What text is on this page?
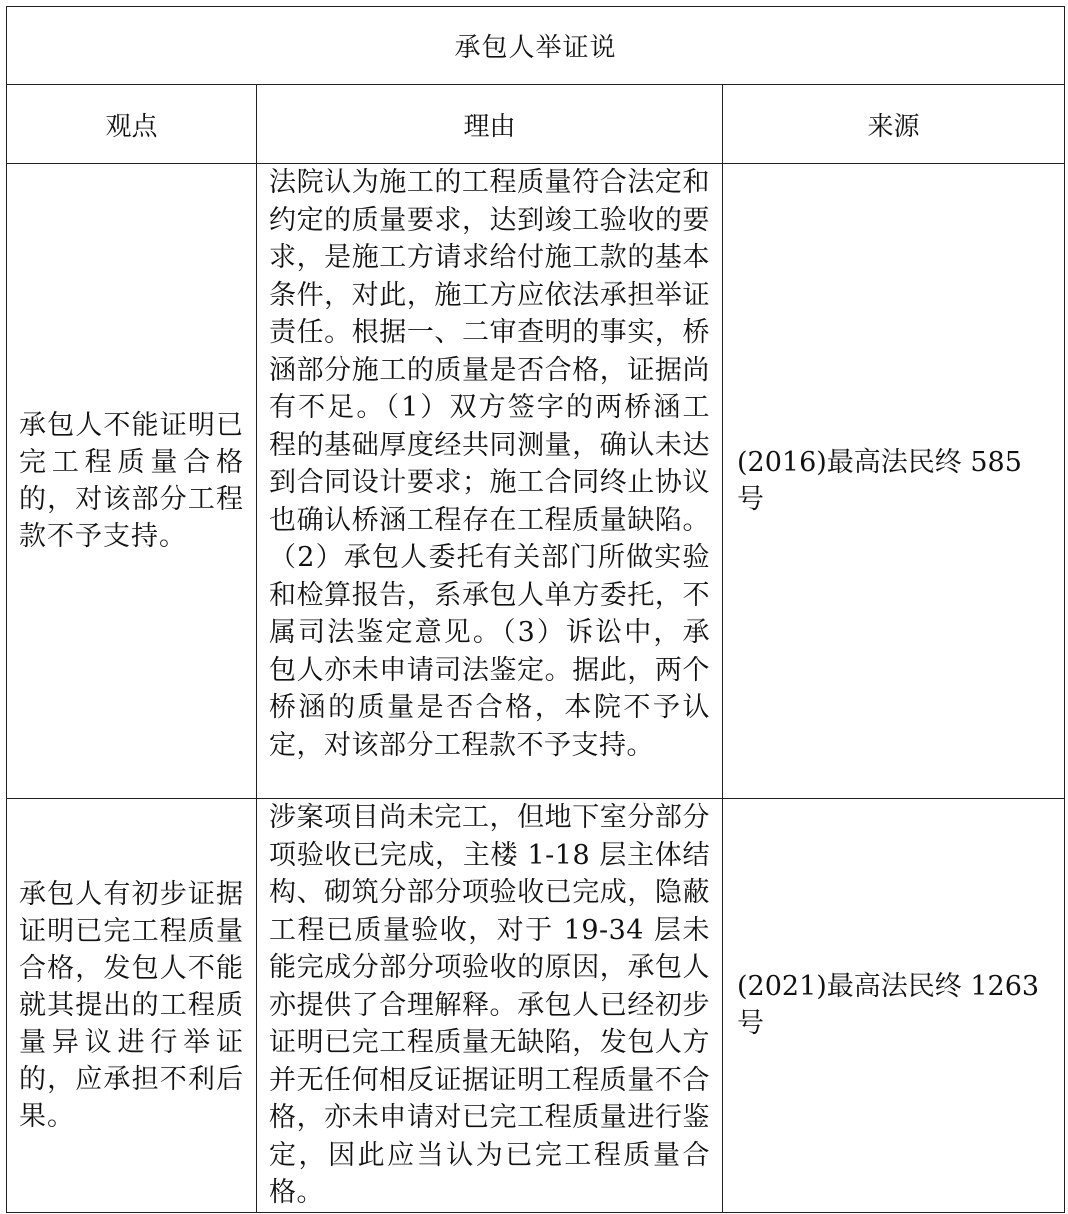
承包人举证说		
观点	理由	来源
承包人不能证明已完工程质量合格的，对该部分工程款不予支持。	法院认为施工的工程质量符合法定和约定的质量要求，达到竣工验收的要求，是施工方请求给付施工款的基本条件，对此，施工方应依法承担举证责任。根据一、二审查明的事实，桥涵部分施工的质量是否合格，证据尚有不足。（1）双方签字的两桥涵工程的基础厚度经共同测量，确认未达到合同设计要求；施工合同终止协议也确认桥涵工程存在工程质量缺陷。（2）承包人委托有关部门所做实验和检算报告，系承包人单方委托，不属司法鉴定意见。（3）诉讼中，承包人亦未申请司法鉴定。据此，两个桥涵的质量是否合格，本院不予认定，对该部分工程款不予支持。	(2016)最高法民终 585 号
承包人有初步证据证明已完工程质量合格，发包人不能就其提出的工程质量异议进行举证的，应承担不利后果。	涉案项目尚未完工，但地下室分部分项验收已完成，主楼 1-18 层主体结构、砌筑分部分项验收已完成，隐蔽工程已质量验收，对于 19-34 层未能完成分部分项验收的原因，承包人亦提供了合理解释。承包人已经初步证明已完工程质量无缺陷，发包人方并无任何相反证据证明工程质量不合格，亦未申请对已完工程质量进行鉴定，因此应当认为已完工程质量合格。	(2021)最高法民终 1263 号
